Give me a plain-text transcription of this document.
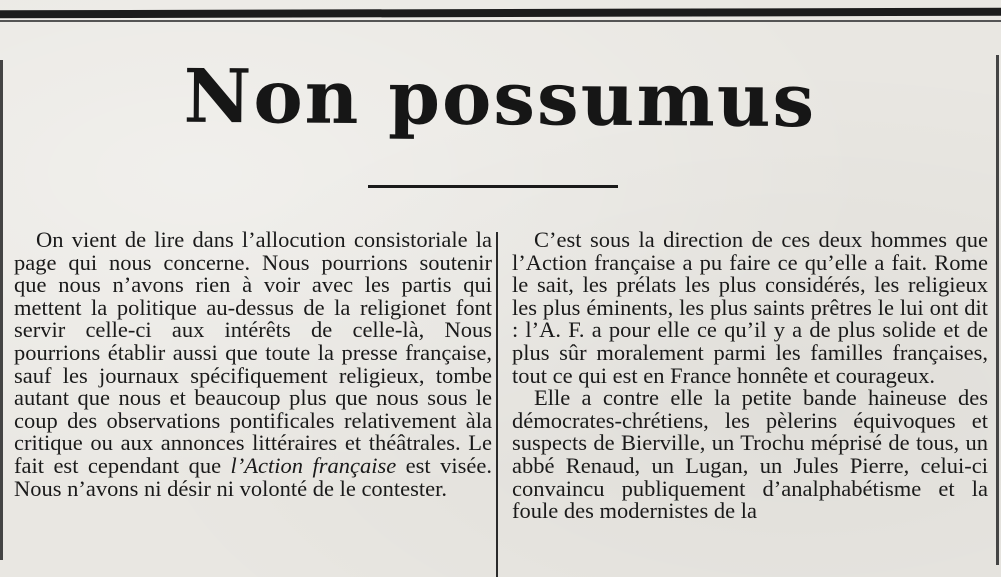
Non possumus

On vient de lire dans l’allocution consistoriale la page qui nous concerne. Nous pourrions soutenir que nous n’avons rien à voir avec les partis qui mettent la politique au-dessus de la religionet font servir celle-ci aux intérêts de celle-là, Nous pourrions établir aussi que toute la presse française, sauf les journaux spécifiquement religieux, tombe autant que nous et beaucoup plus que nous sous le coup des observations pontificales relativement àla critique ou aux annonces littéraires et théâtrales. Le fait est cependant que l’Action française est visée. Nous n’avons ni désir ni volonté de le contester.

C’est sous la direction de ces deux hommes que l’Action française a pu faire ce qu’elle a fait. Rome le sait, les prélats les plus considérés, les religieux les plus éminents, les plus saints prêtres le lui ont dit : l’A. F. a pour elle ce qu’il y a de plus solide et de plus sûr moralement parmi les familles françaises, tout ce qui est en France honnête et courageux.

Elle a contre elle la petite bande haineuse des démocrates-chrétiens, les pèlerins équivoques et suspects de Bierville, un Trochu méprisé de tous, un abbé Renaud, un Lugan, un Jules Pierre, celui-ci convaincu publiquement d’analphabétisme et la foule des modernistes de la
